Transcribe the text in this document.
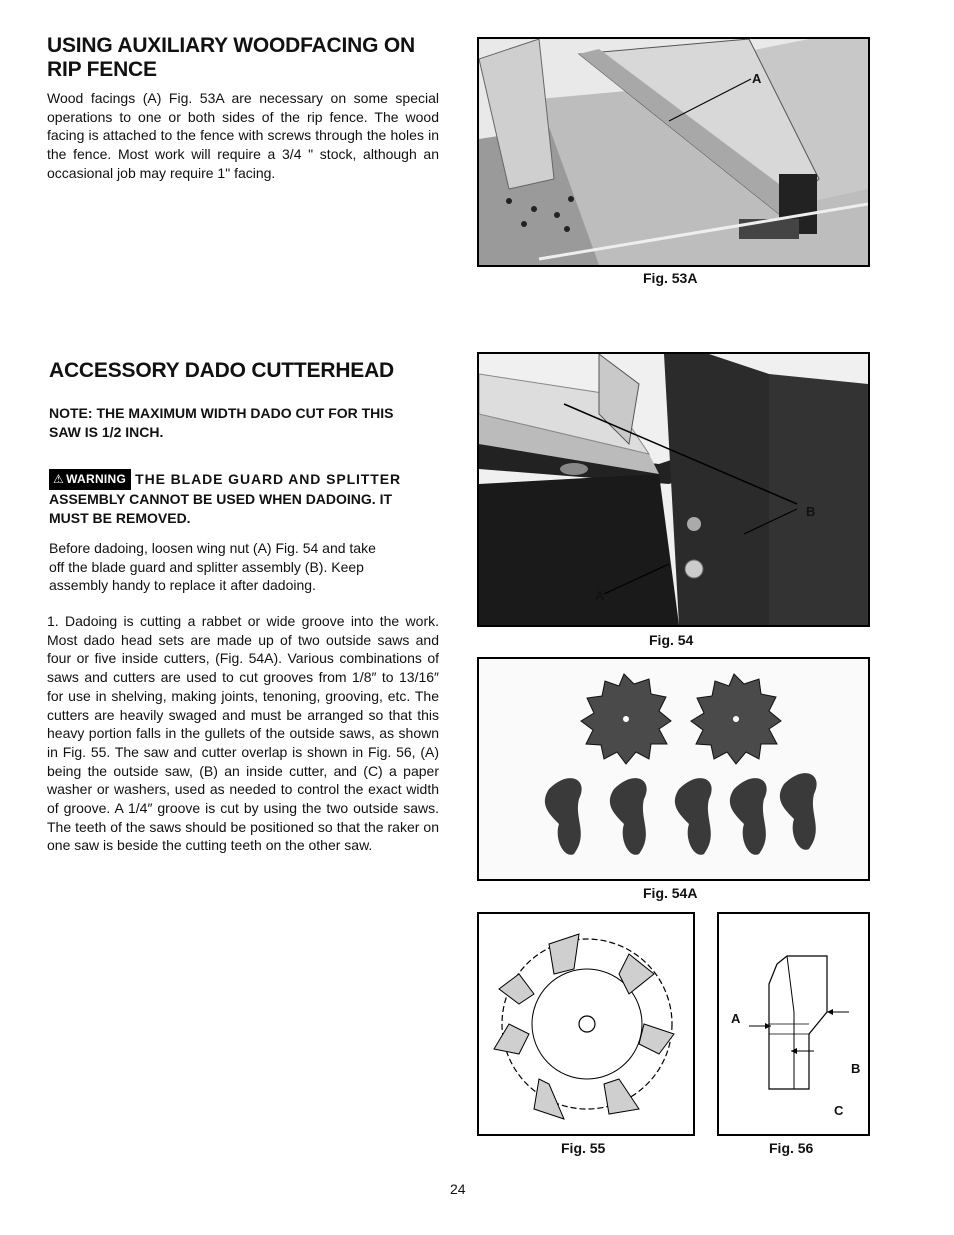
USING AUXILIARY WOODFACING ON
RIP FENCE

Wood facings (A) Fig. 53A are necessary on some special operations to one or both sides of the rip fence. The wood facing is attached to the fence with screws through the holes in the fence. Most work will require a 3/4 " stock, although an occasional job may require 1" facing.

A
Fig. 53A
ACCESSORY DADO CUTTERHEAD

NOTE: THE MAXIMUM WIDTH DADO CUT FOR THIS
SAW IS 1/2 INCH.

⚠ WARNING THE BLADE GUARD AND SPLITTER
ASSEMBLY CANNOT BE USED WHEN DADOING. IT
MUST BE REMOVED.

Before dadoing, loosen wing nut (A) Fig. 54 and take
off the blade guard and splitter assembly (B). Keep
assembly handy to replace it after dadoing.

1. Dadoing is cutting a rabbet or wide groove into the work. Most dado head sets are made up of two outside saws and four or five inside cutters, (Fig. 54A). Various combinations of saws and cutters are used to cut grooves from 1/8″ to 13/16″ for use in shelving, making joints, tenoning, grooving, etc. The cutters are heavily swaged and must be arranged so that this heavy portion falls in the gullets of the outside saws, as shown in Fig. 55. The saw and cutter overlap is shown in Fig. 56, (A) being the outside saw, (B) an inside cutter, and (C) a paper washer or washers, used as needed to control the exact width of groove. A 1/4″ groove is cut by using the two outside saws. The teeth of the saws should be positioned so that the raker on one saw is beside the cutting teeth on the other saw.

B
A
Fig. 54
Fig. 54A
Fig. 55
A
B
C
Fig. 56
24
